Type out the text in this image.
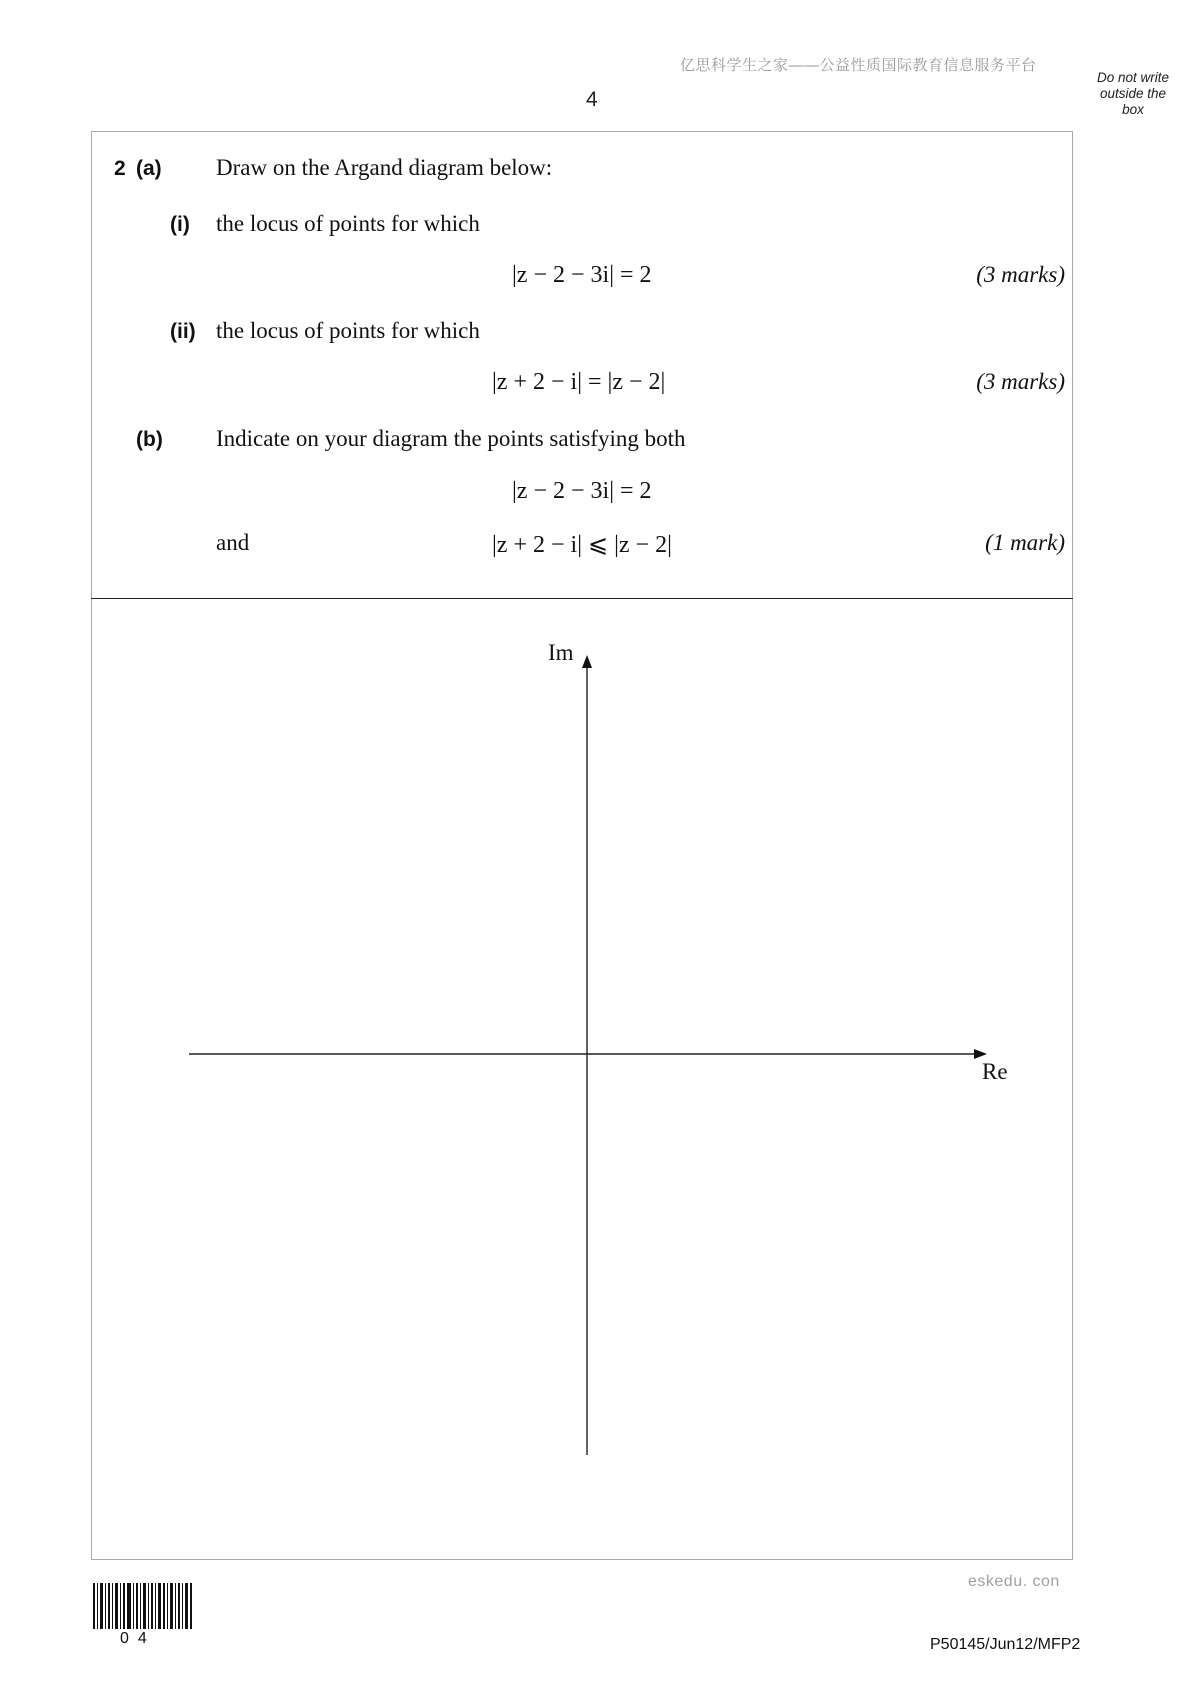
亿思科学生之家——公益性质国际教育信息服务平台
4
Do not write
outside the
box
2 (a) Draw on the Argand diagram below:
(i) the locus of points for which
|z − 2 − 3i| = 2	(3 marks)
(ii) the locus of points for which
|z + 2 − i| = |z − 2|	(3 marks)
(b) Indicate on your diagram the points satisfying both
|z − 2 − 3i| = 2
and	|z + 2 − i| ⩽ |z − 2|	(1 mark)
Im
Re
eskedu. con
04	P50145/Jun12/MFP2
